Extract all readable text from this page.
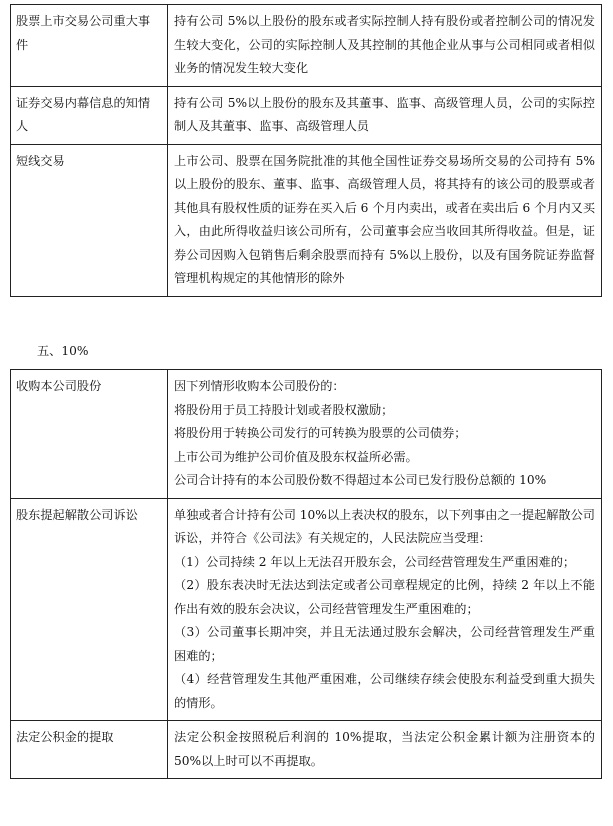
股票上市交易公司重大事件	持有公司 5%以上股份的股东或者实际控制人持有股份或者控制公司的情况发生较大变化，公司的实际控制人及其控制的其他企业从事与公司相同或者相似业务的情况发生较大变化
证券交易内幕信息的知情人	持有公司 5%以上股份的股东及其董事、监事、高级管理人员，公司的实际控制人及其董事、监事、高级管理人员
短线交易	上市公司、股票在国务院批准的其他全国性证券交易场所交易的公司持有 5%以上股份的股东、董事、监事、高级管理人员，将其持有的该公司的股票或者其他具有股权性质的证券在买入后 6 个月内卖出，或者在卖出后 6 个月内又买入，由此所得收益归该公司所有，公司董事会应当收回其所得收益。但是，证券公司因购入包销售后剩余股票而持有 5%以上股份，以及有国务院证券监督管理机构规定的其他情形的除外
五、10%
收购本公司股份	因下列情形收购本公司股份的：
将股份用于员工持股计划或者股权激励；
将股份用于转换公司发行的可转换为股票的公司债券；
上市公司为维护公司价值及股东权益所必需。
公司合计持有的本公司股份数不得超过本公司已发行股份总额的 10%

股东提起解散公司诉讼	单独或者合计持有公司 10%以上表决权的股东，以下列事由之一提起解散公司诉讼，并符合《公司法》有关规定的，人民法院应当受理：
（1）公司持续 2 年以上无法召开股东会，公司经营管理发生严重困难的；
（2）股东表决时无法达到法定或者公司章程规定的比例，持续 2 年以上不能作出有效的股东会决议，公司经营管理发生严重困难的；
（3）公司董事长期冲突，并且无法通过股东会解决，公司经营管理发生严重困难的；
（4）经营管理发生其他严重困难，公司继续存续会使股东利益受到重大损失的情形。

法定公积金的提取	法定公积金按照税后利润的 10%提取，当法定公积金累计额为注册资本的 50%以上时可以不再提取。
